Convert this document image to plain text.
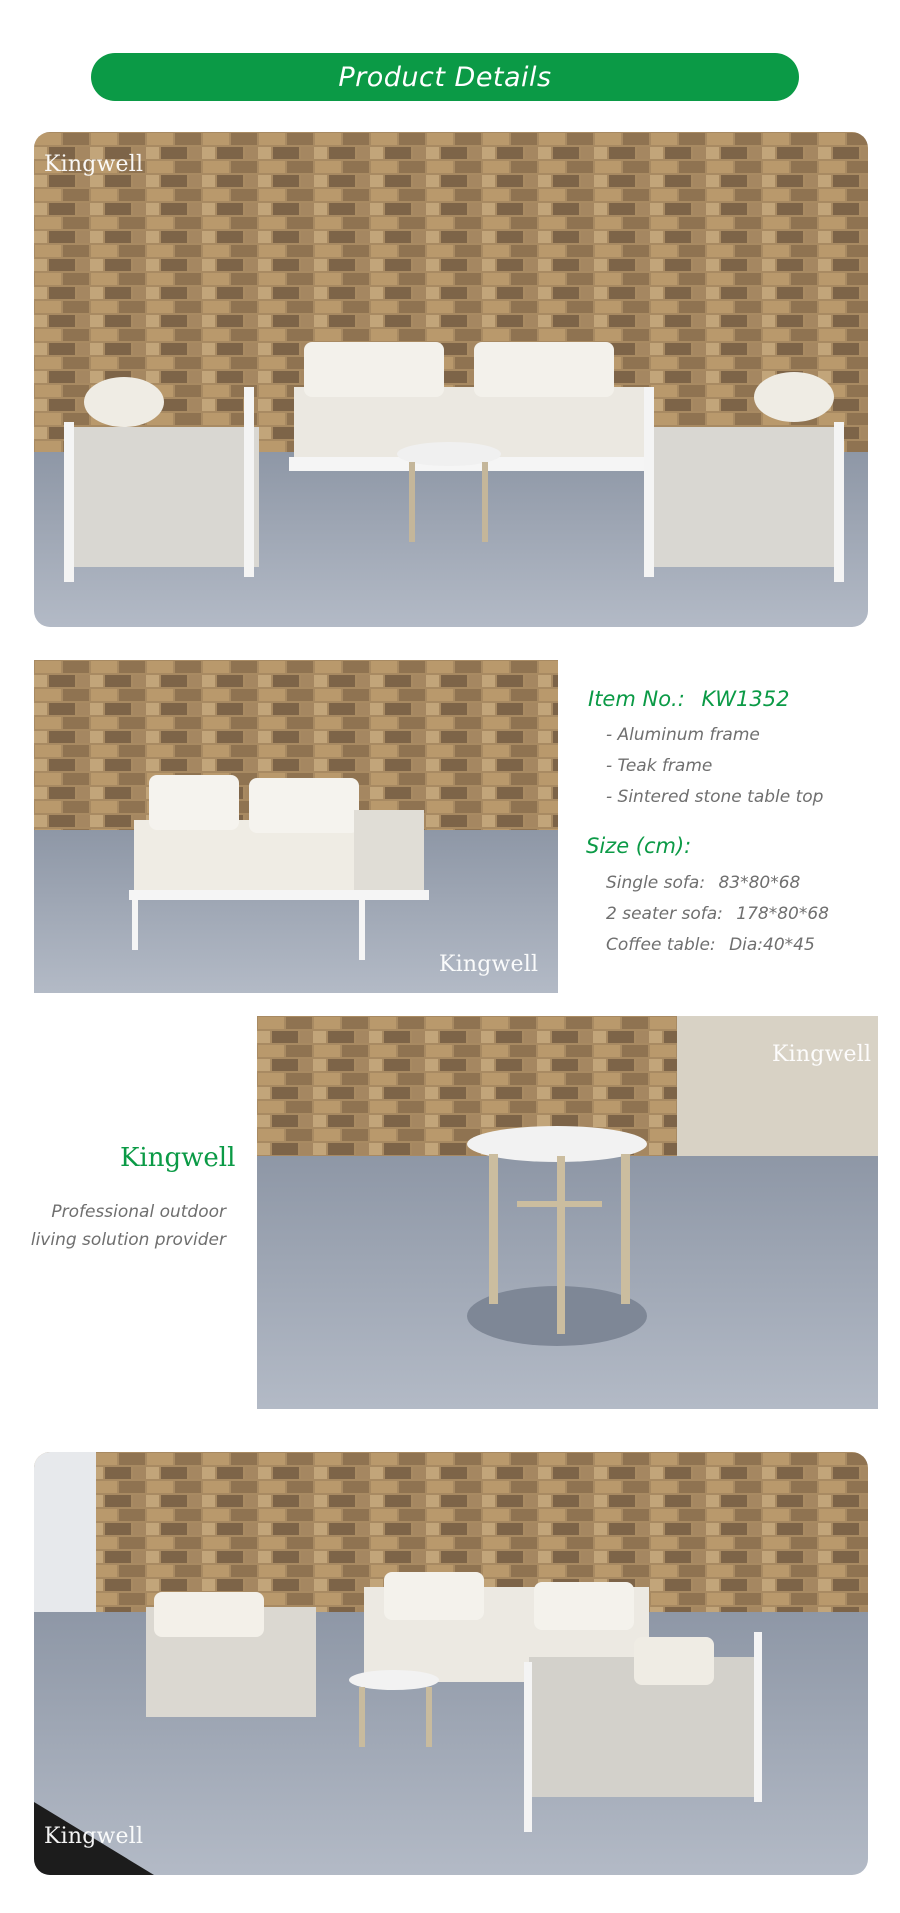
Product Details
Kingwell
Kingwell
Item No.: KW1352
- Aluminum frame
- Teak frame
- Sintered stone table top
Size (cm):
Single sofa: 83*80*68
2 seater sofa: 178*80*68
Coffee table: Dia:40*45
Kingwell
Kingwell
Professional outdoor
living solution provider
Kingwell
